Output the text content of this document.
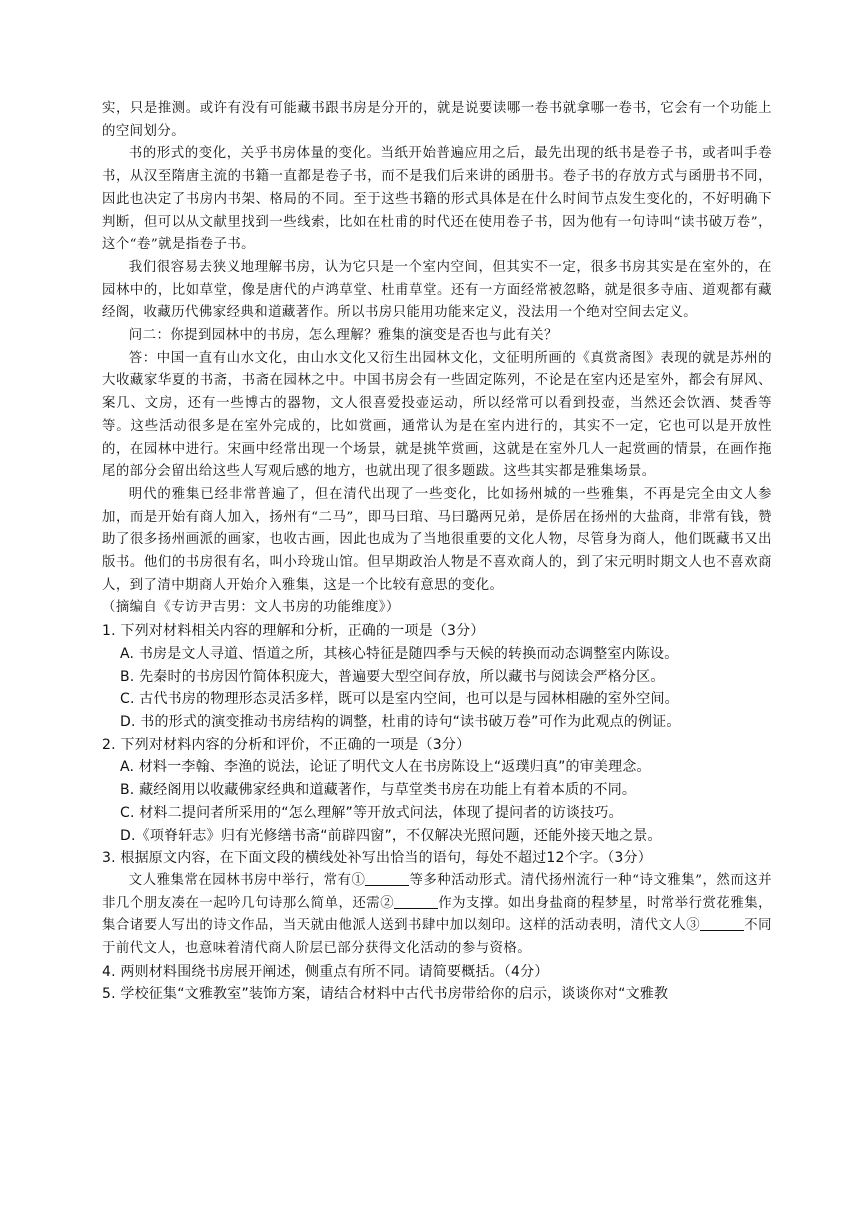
实，只是推测。或许有没有可能藏书跟书房是分开的，就是说要读哪一卷书就拿哪一卷书，它会有一个功能上的空间划分。

书的形式的变化，关乎书房体量的变化。当纸开始普遍应用之后，最先出现的纸书是卷子书，或者叫手卷书，从汉至隋唐主流的书籍一直都是卷子书，而不是我们后来讲的函册书。卷子书的存放方式与函册书不同，因此也决定了书房内书架、格局的不同。至于这些书籍的形式具体是在什么时间节点发生变化的，不好明确下判断，但可以从文献里找到一些线索，比如在杜甫的时代还在使用卷子书，因为他有一句诗叫“读书破万卷”，这个“卷”就是指卷子书。

我们很容易去狭义地理解书房，认为它只是一个室内空间，但其实不一定，很多书房其实是在室外的，在园林中的，比如草堂，像是唐代的卢鸿草堂、杜甫草堂。还有一方面经常被忽略，就是很多寺庙、道观都有藏经阁，收藏历代佛家经典和道藏著作。所以书房只能用功能来定义，没法用一个绝对空间去定义。

问二：你提到园林中的书房，怎么理解？雅集的演变是否也与此有关？

答：中国一直有山水文化，由山水文化又衍生出园林文化，文征明所画的《真赏斋图》表现的就是苏州的大收藏家华夏的书斋，书斋在园林之中。中国书房会有一些固定陈列，不论是在室内还是室外，都会有屏风、案几、文房，还有一些博古的器物，文人很喜爱投壶运动，所以经常可以看到投壶，当然还会饮酒、焚香等等。这些活动很多是在室外完成的，比如赏画，通常认为是在室内进行的，其实不一定，它也可以是开放性的，在园林中进行。宋画中经常出现一个场景，就是挑竿赏画，这就是在室外几人一起赏画的情景，在画作拖尾的部分会留出给这些人写观后感的地方，也就出现了很多题跋。这些其实都是雅集场景。

明代的雅集已经非常普遍了，但在清代出现了一些变化，比如扬州城的一些雅集，不再是完全由文人参加，而是开始有商人加入，扬州有“二马”，即马曰琯、马曰璐两兄弟，是侨居在扬州的大盐商，非常有钱，赞助了很多扬州画派的画家，也收古画，因此也成为了当地很重要的文化人物，尽管身为商人，他们既藏书又出版书。他们的书房很有名，叫小玲珑山馆。但早期政治人物是不喜欢商人的，到了宋元明时期文人也不喜欢商人，到了清中期商人开始介入雅集，这是一个比较有意思的变化。

（摘编自《专访尹吉男：文人书房的功能维度》）

1. 下列对材料相关内容的理解和分析，正确的一项是（3分）

A. 书房是文人寻道、悟道之所，其核心特征是随四季与天候的转换而动态调整室内陈设。

B. 先秦时的书房因竹简体积庞大，普遍要大型空间存放，所以藏书与阅读会严格分区。

C. 古代书房的物理形态灵活多样，既可以是室内空间，也可以是与园林相融的室外空间。

D. 书的形式的演变推动书房结构的调整，杜甫的诗句“读书破万卷”可作为此观点的例证。

2. 下列对材料内容的分析和评价，不正确的一项是（3分）

A. 材料一李翰、李渔的说法，论证了明代文人在书房陈设上“返璞归真”的审美理念。

B. 藏经阁用以收藏佛家经典和道藏著作，与草堂类书房在功能上有着本质的不同。

C. 材料二提问者所采用的“怎么理解”等开放式问法，体现了提问者的访谈技巧。

D.《项脊轩志》归有光修缮书斋“前辟四窗”，不仅解决光照问题，还能外接天地之景。

3. 根据原文内容，在下面文段的横线处补写出恰当的语句，每处不超过12个字。（3分）

文人雅集常在园林书房中举行，常有①	等多种活动形式。清代扬州流行一种“诗文雅集”，然而这并非几个朋友凑在一起吟几句诗那么简单，还需②	作为支撑。如出身盐商的程梦星，时常举行赏花雅集，集合诸要人写出的诗文作品，当天就由他派人送到书肆中加以刻印。这样的活动表明，清代文人③	不同于前代文人，也意味着清代商人阶层已部分获得文化活动的参与资格。

4. 两则材料围绕书房展开阐述，侧重点有所不同。请简要概括。（4分）

5. 学校征集“文雅教室”装饰方案，请结合材料中古代书房带给你的启示，谈谈你对“文雅教
